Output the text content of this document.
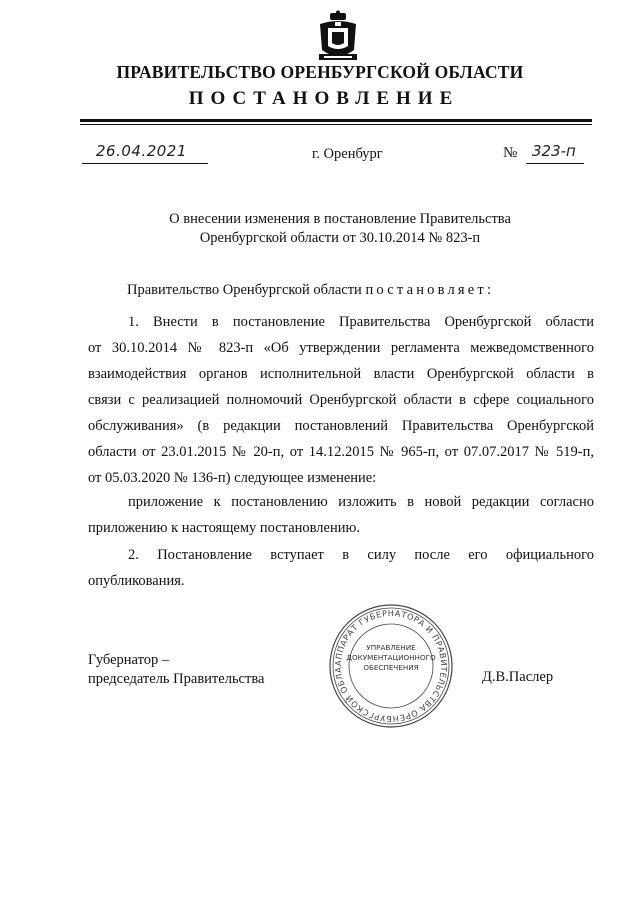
ПРАВИТЕЛЬСТВО ОРЕНБУРГСКОЙ ОБЛАСТИ
ПОСТАНОВЛЕНИЕ
26.04.2021	г. Оренбург	№ 323-п
О внесении изменения в постановление Правительства
Оренбургской области от 30.10.2014 № 823-п
Правительство Оренбургской области постановляет:
1. Внести в постановление Правительства Оренбургской области
от 30.10.2014 № 823-п «Об утверждении регламента межведомственного
взаимодействия органов исполнительной власти Оренбургской области в
связи с реализацией полномочий Оренбургской области в сфере социального
обслуживания» (в редакции постановлений Правительства Оренбургской
области от 23.01.2015 № 20-п, от 14.12.2015 № 965-п, от 07.07.2017 № 519-п,
от 05.03.2020 № 136-п) следующее изменение:
приложение к постановлению изложить в новой редакции согласно
приложению к настоящему постановлению.
2. Постановление вступает в силу после его официального
опубликования.
Губернатор –
председатель Правительства	Д.В.Паслер
АППАРАТ ГУБЕРНАТОРА И ПРАВИТЕЛЬСТВА ОРЕНБУРГСКОЙ ОБЛА
УПРАВЛЕНИЕ
ДОКУМЕНТАЦИОННОГО
ОБЕСПЕЧЕНИЯ
